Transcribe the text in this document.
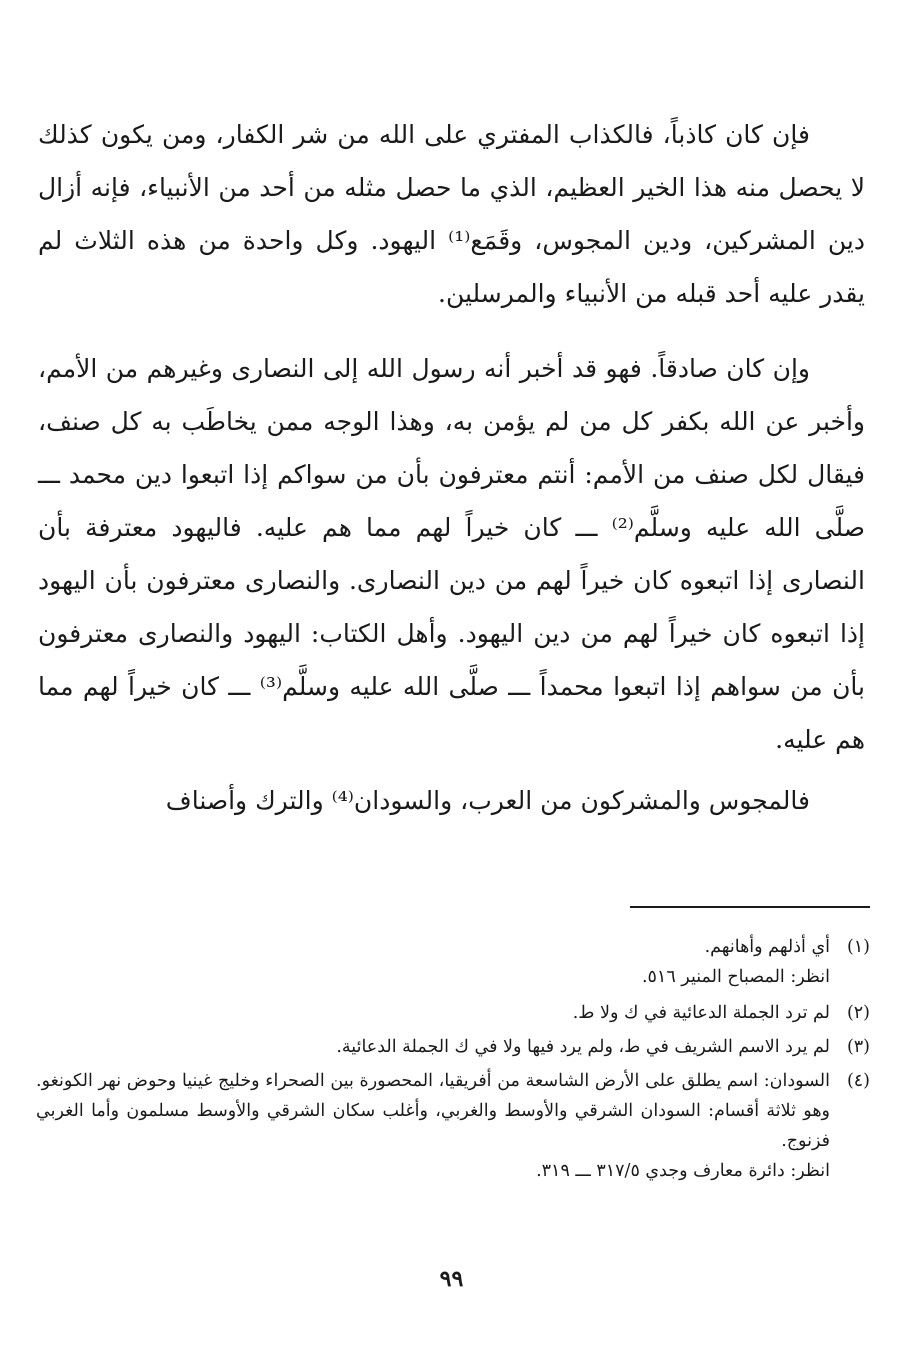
فإن كان كاذباً، فالكذاب المفتري على الله من شر الكفار، ومن يكون كذلك لا يحصل منه هذا الخير العظيم، الذي ما حصل مثله من أحد من الأنبياء، فإنه أزال دين المشركين، ودين المجوس، وقَمَع⁽¹⁾ اليهود. وكل واحدة من هذه الثلاث لم يقدر عليه أحد قبله من الأنبياء والمرسلين.

وإن كان صادقاً. فهو قد أخبر أنه رسول الله إلى النصارى وغيرهم من الأمم، وأخبر عن الله بكفر كل من لم يؤمن به، وهذا الوجه ممن يخاطَب به كل صنف، فيقال لكل صنف من الأمم: أنتم معترفون بأن من سواكم إذا اتبعوا دين محمد ـــ صلَّى الله عليه وسلَّم⁽²⁾ ـــ كان خيراً لهم مما هم عليه. فاليهود معترفة بأن النصارى إذا اتبعوه كان خيراً لهم من دين النصارى. والنصارى معترفون بأن اليهود إذا اتبعوه كان خيراً لهم من دين اليهود. وأهل الكتاب: اليهود والنصارى معترفون بأن من سواهم إذا اتبعوا محمداً ـــ صلَّى الله عليه وسلَّم⁽³⁾ ـــ كان خيراً لهم مما هم عليه.

فالمجوس والمشركون من العرب، والسودان⁽⁴⁾ والترك وأصناف

(١)
أي أذلهم وأهانهم.
انظر: المصباح المنير ٥١٦.
(٢)
لم ترد الجملة الدعائية في ك ولا ط.
(٣)
لم يرد الاسم الشريف في ط، ولم يرد فيها ولا في ك الجملة الدعائية.
(٤)
السودان: اسم يطلق على الأرض الشاسعة من أفريقيا، المحصورة بين الصحراء وخليج غينيا وحوض نهر الكونغو. وهو ثلاثة أقسام: السودان الشرقي والأوسط والغربي، وأغلب سكان الشرقي والأوسط مسلمون وأما الغربي فزنوج.
انظر: دائرة معارف وجدي ٣١٧/٥ ـــ ٣١٩.
٩٩
